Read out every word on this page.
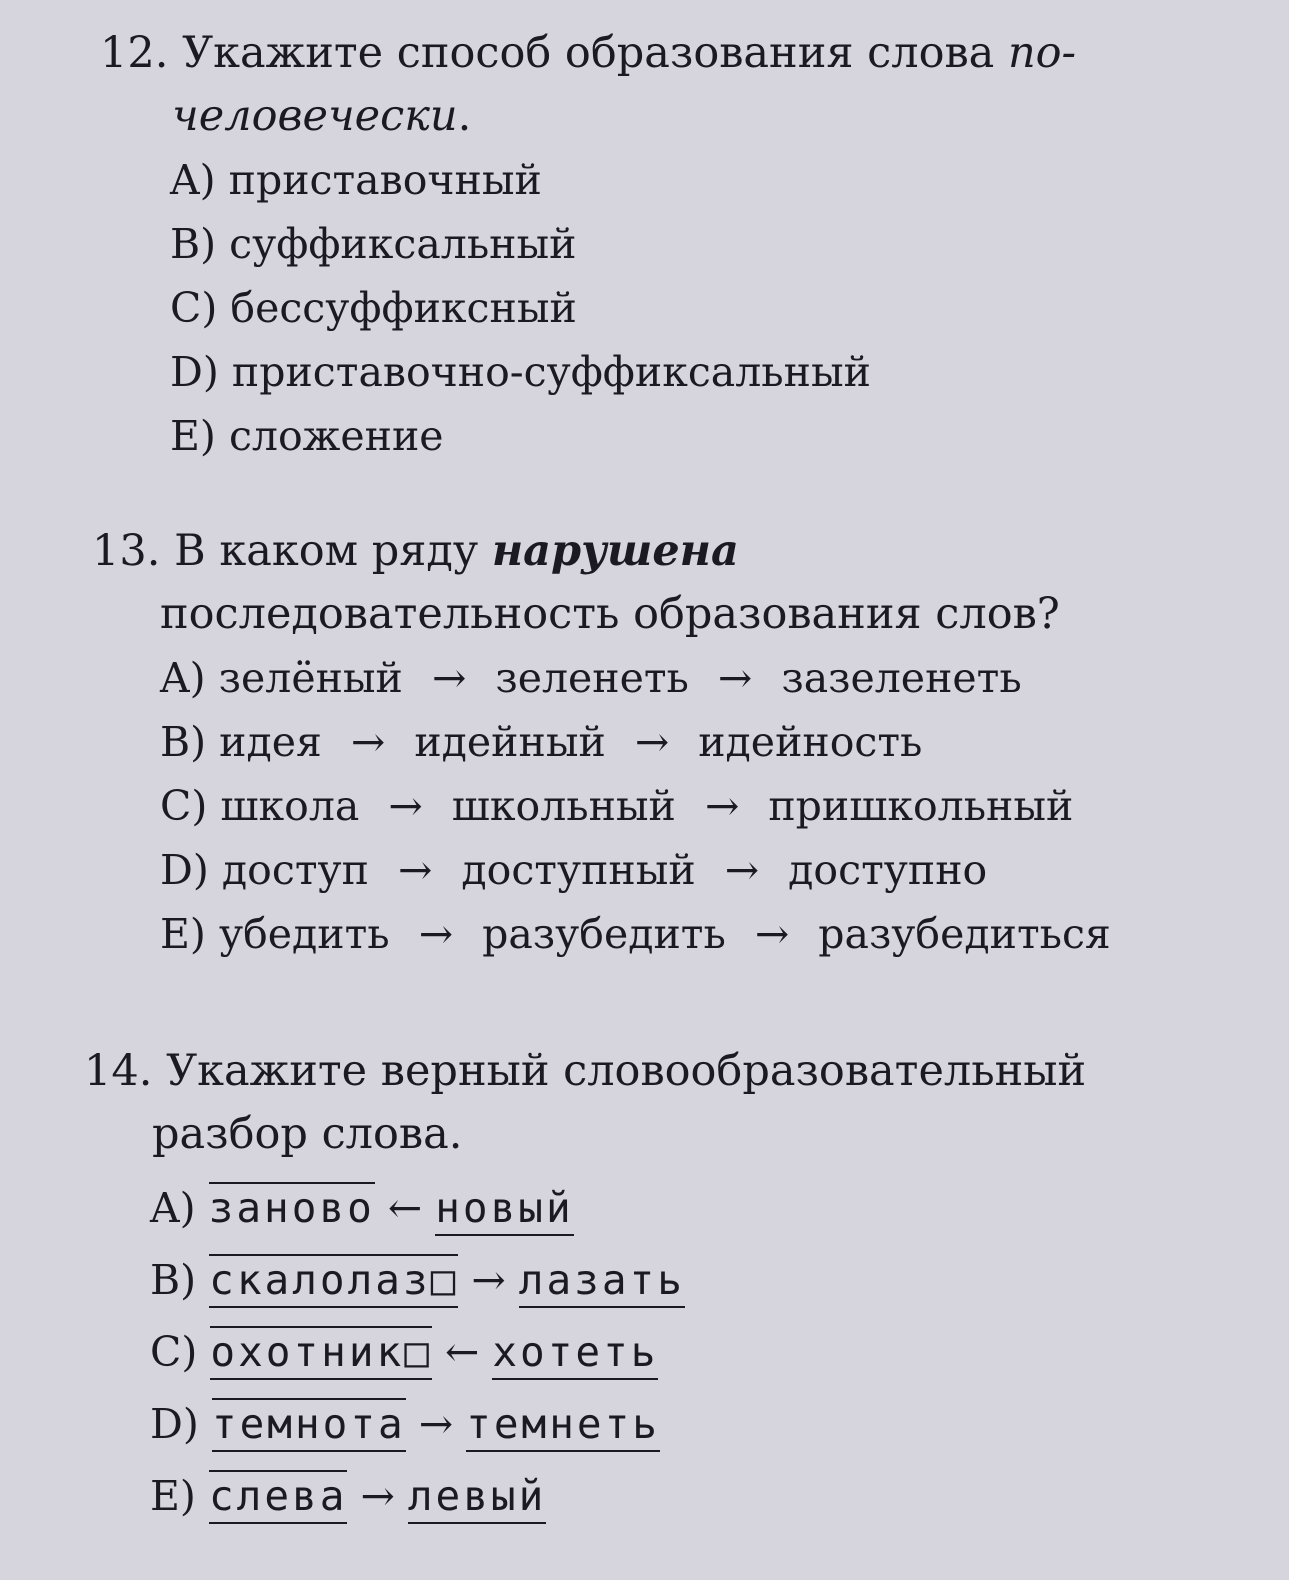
12. Укажите способ образования слова по-

человечески.

A) приставочный
B) суффиксальный
C) бессуффиксный
D) приставочно-суффиксальный
E) сложение

13. В каком ряду нарушена

последовательность образования слов?

A) зелёный → зеленеть → зазеленеть
B) идея → идейный → идейность
C) школа → школьный → пришкольный
D) доступ → доступный → доступно
E) убедить → разубедить → разубедиться

14. Укажите верный словообразовательный

разбор слова.

A) заново ← новый
B) скалолаз□ → лазать
C) охотник□ ← хотеть
D) темнота → темнеть
E) слева → левый
